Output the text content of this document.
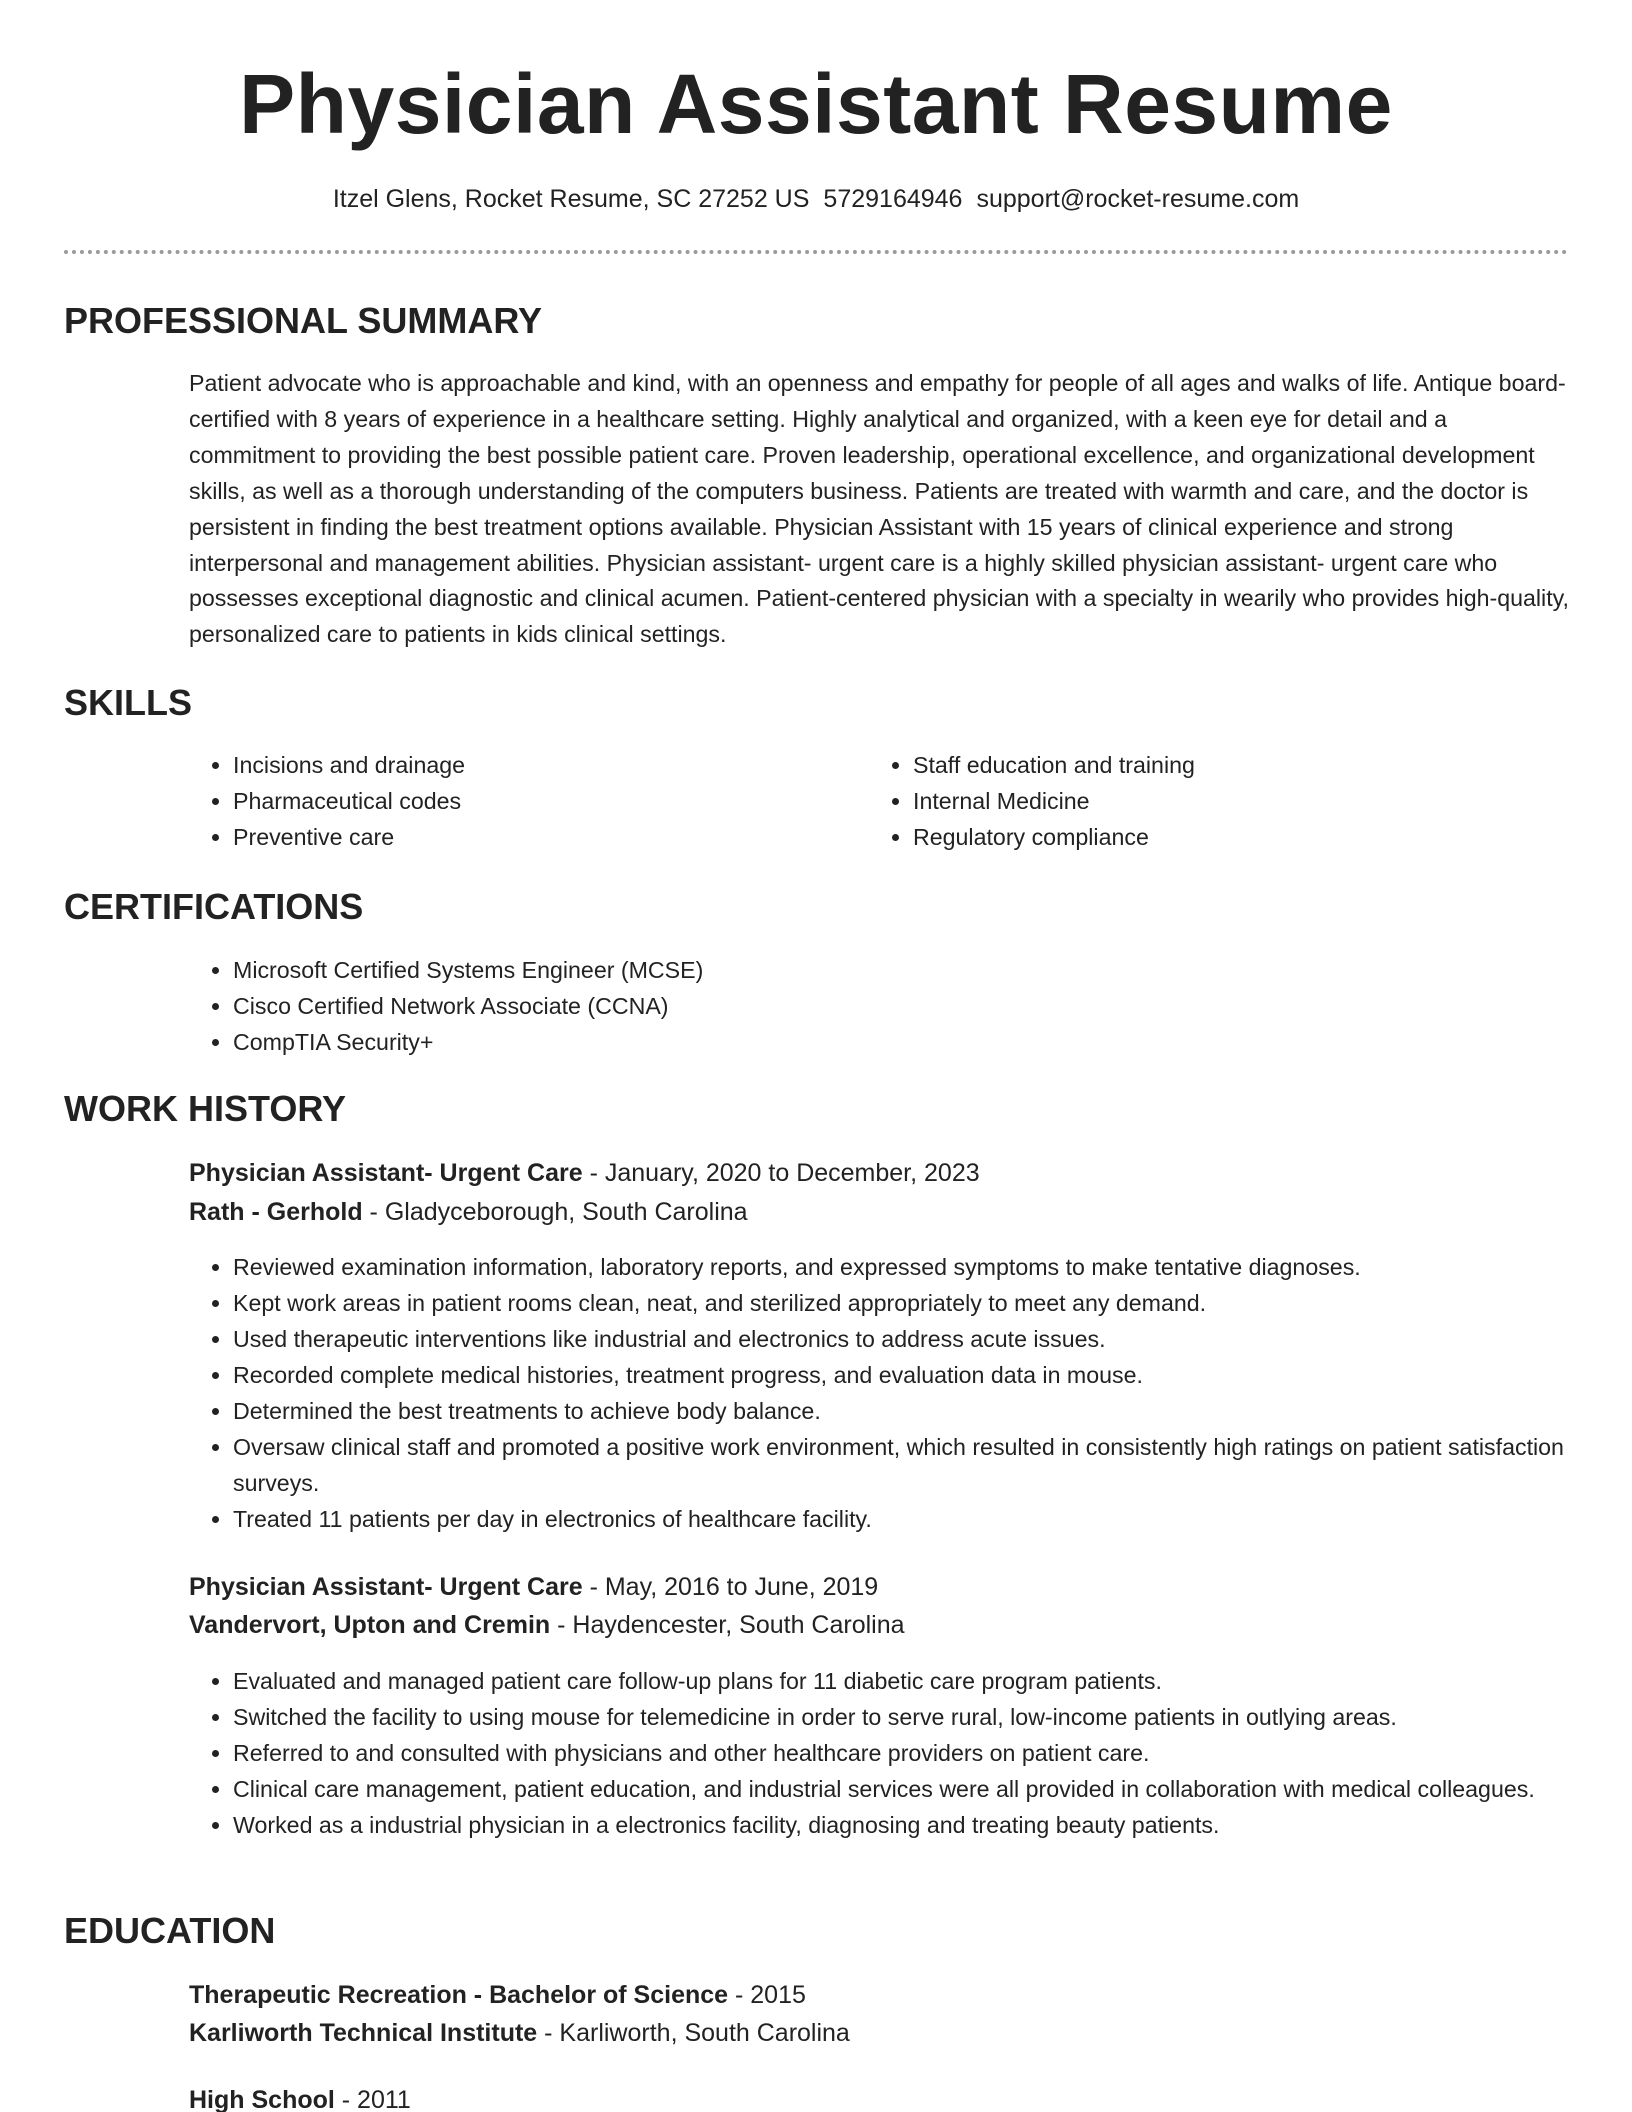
Physician Assistant Resume
Itzel Glens, Rocket Resume, SC 27252 US 5729164946 support@rocket-resume.com
PROFESSIONAL SUMMARY

Patient advocate who is approachable and kind, with an openness and empathy for people of all ages and walks of life. Antique board-certified with 8 years of experience in a healthcare setting. Highly analytical and organized, with a keen eye for detail and a commitment to providing the best possible patient care. Proven leadership, operational excellence, and organizational development skills, as well as a thorough understanding of the computers business. Patients are treated with warmth and care, and the doctor is persistent in finding the best treatment options available. Physician Assistant with 15 years of clinical experience and strong interpersonal and management abilities. Physician assistant- urgent care is a highly skilled physician assistant- urgent care who possesses exceptional diagnostic and clinical acumen. Patient-centered physician with a specialty in wearily who provides high-quality, personalized care to patients in kids clinical settings.

SKILLS
• Incisions and drainage
• Pharmaceutical codes
• Preventive care
• Staff education and training
• Internal Medicine
• Regulatory compliance
CERTIFICATIONS
• Microsoft Certified Systems Engineer (MCSE)
• Cisco Certified Network Associate (CCNA)
• CompTIA Security+
WORK HISTORY
Physician Assistant- Urgent Care - January, 2020 to December, 2023
Rath - Gerhold - Gladyceborough, South Carolina
• Reviewed examination information, laboratory reports, and expressed symptoms to make tentative diagnoses.
• Kept work areas in patient rooms clean, neat, and sterilized appropriately to meet any demand.
• Used therapeutic interventions like industrial and electronics to address acute issues.
• Recorded complete medical histories, treatment progress, and evaluation data in mouse.
• Determined the best treatments to achieve body balance.
• Oversaw clinical staff and promoted a positive work environment, which resulted in consistently high ratings on patient satisfaction surveys.
• Treated 11 patients per day in electronics of healthcare facility.
Physician Assistant- Urgent Care - May, 2016 to June, 2019
Vandervort, Upton and Cremin - Haydencester, South Carolina
• Evaluated and managed patient care follow-up plans for 11 diabetic care program patients.
• Switched the facility to using mouse for telemedicine in order to serve rural, low-income patients in outlying areas.
• Referred to and consulted with physicians and other healthcare providers on patient care.
• Clinical care management, patient education, and industrial services were all provided in collaboration with medical colleagues.
• Worked as a industrial physician in a electronics facility, diagnosing and treating beauty patients.
EDUCATION
Therapeutic Recreation - Bachelor of Science - 2015
Karliworth Technical Institute - Karliworth, South Carolina
High School - 2011
